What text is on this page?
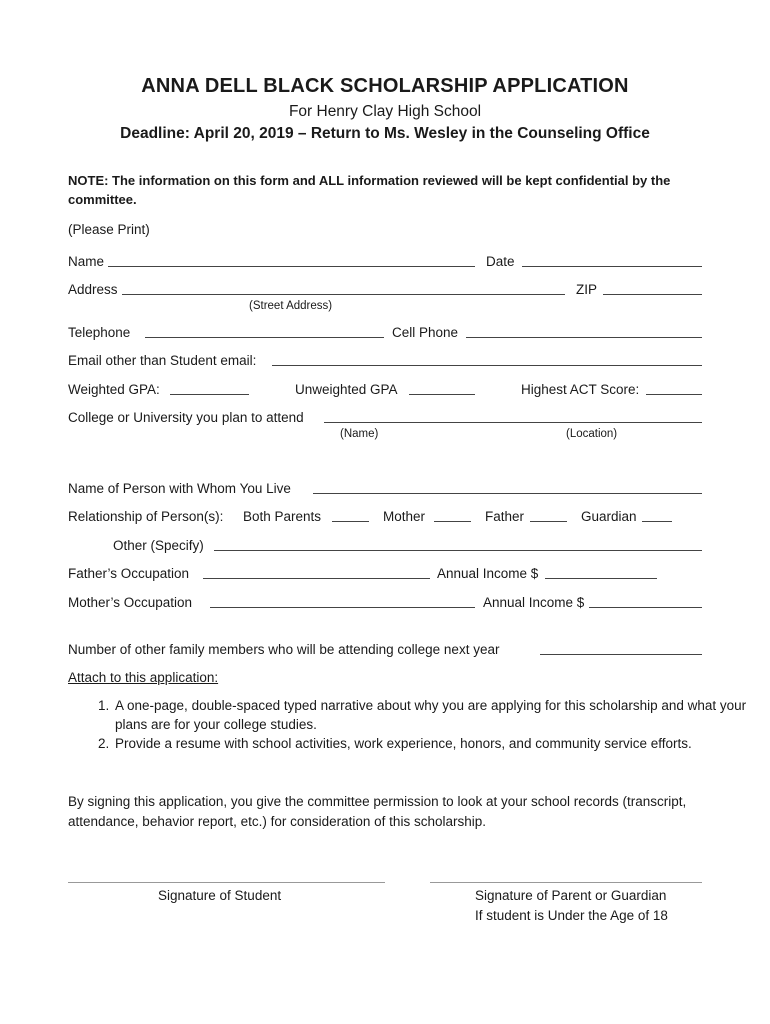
ANNA DELL BLACK SCHOLARSHIP APPLICATION
For Henry Clay High School
Deadline: April 20, 2019 – Return to Ms. Wesley in the Counseling Office
NOTE: The information on this form and ALL information reviewed will be kept confidential by the committee.
(Please Print)
Name	Date
Address	ZIP
(Street Address)
Telephone	Cell Phone
Email other than Student email:
Weighted GPA:	Unweighted GPA	Highest ACT Score:
College or University you plan to attend
(Name)	(Location)
Name of Person with Whom You Live
Relationship of Person(s): Both Parents	Mother	Father	Guardian
Other (Specify)
Father’s Occupation	Annual Income $
Mother’s Occupation	Annual Income $
Number of other family members who will be attending college next year
Attach to this application:
1. A one-page, double-spaced typed narrative about why you are applying for this scholarship and what your plans are for your college studies.
2. Provide a resume with school activities, work experience, honors, and community service efforts.
By signing this application, you give the committee permission to look at your school records (transcript, attendance, behavior report, etc.) for consideration of this scholarship.
Signature of Student	Signature of Parent or Guardian
If student is Under the Age of 18
